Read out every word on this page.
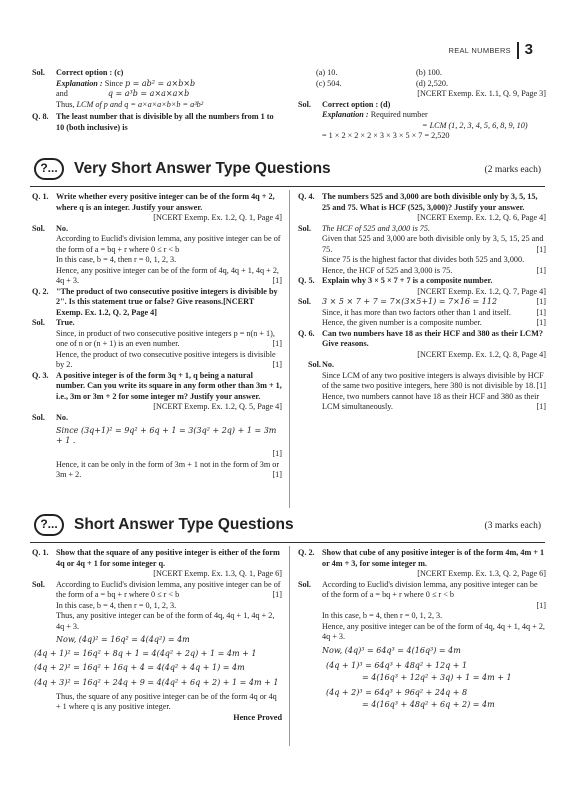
REAL NUMBERS 3
Sol. Correct option : (c)
Explanation : Since p = ab² = a×b×b
and	q = a³b = a×a×a×b
Thus, LCM of p and q = a×a×a×b×b = a³b²
Q. 8. The least number that is divisible by all the numbers from 1 to 10 (both inclusive) is
(a) 10.	(b) 100.
(c) 504.	(d) 2,520.
[NCERT Exemp. Ex. 1.1, Q. 9, Page 3]
Sol. Correct option : (d)
Explanation : Required number
= LCM (1, 2, 3, 4, 5, 6, 8, 9, 10)
= 1 × 2 × 2 × 2 × 3 × 3 × 5 × 7 = 2,520
?...	Very Short Answer Type Questions	(2 marks each)
Q. 1. Write whether every positive integer can be of the form 4q + 2, where q is an integer. Justify your answer.
[NCERT Exemp. Ex. 1.2, Q. 1, Page 4]
Sol. No.
According to Euclid's division lemma, any positive integer can be of the form of a = bq + r where 0 ≤ r < b
In this case, b = 4, then r = 0, 1, 2, 3.
Hence, any positive integer can be of the form of 4q, 4q + 1, 4q + 2, 4q + 3.	[1]
Q. 2. "The product of two consecutive positive integers is divisible by 2". Is this statement true or false? Give reasons.[NCERT Exemp. Ex. 1.2, Q. 2, Page 4]
Sol. True.
Since, in product of two consecutive positive integers p = n(n + 1), one of n or (n + 1) is an even number.	[1]
Hence, the product of two consecutive positive integers is divisible by 2.	[1]
Q. 3. A positive integer is of the form 3q + 1, q being a natural number. Can you write its square in any form other than 3m + 1, i.e., 3m or 3m + 2 for some integer m? Justify your answer.
[NCERT Exemp. Ex. 1.2, Q. 5, Page 4]
Sol. No.
Since (3q+1)² = 9q² + 6q + 1 = 3(3q² + 2q) + 1 = 3m + 1 .
[1]
Hence, it can be only in the form of 3m + 1 not in the form of 3m or 3m + 2.	[1]
Q. 4. The numbers 525 and 3,000 are both divisible only by 3, 5, 15, 25 and 75. What is HCF (525, 3,000)? Justify your answer.
[NCERT Exemp. Ex. 1.2, Q. 6, Page 4]
Sol. The HCF of 525 and 3,000 is 75.
Given that 525 and 3,000 are both divisible only by 3, 5, 15, 25 and 75.	[1]
Since 75 is the highest factor that divides both 525 and 3,000.
Hence, the HCF of 525 and 3,000 is 75.	[1]
Q. 5. Explain why 3 × 5 × 7 + 7 is a composite number.
[NCERT Exemp. Ex. 1.2, Q. 7, Page 4]
Sol. 3 × 5 × 7 + 7 = 7×(3×5+1) = 7×16 = 112	[1]
Since, it has more than two factors other than 1 and itself.	[1]
Hence, the given number is a composite number.	[1]
Q. 6. Can two numbers have 18 as their HCF and 380 as their LCM? Give reasons.
[NCERT Exemp. Ex. 1.2, Q. 8, Page 4]
Sol. No.
Since LCM of any two positive integers is always divisible by HCF of the same two positive integers, here 380 is not divisible by 18. [1]
Hence, two numbers cannot have 18 as their HCF and 380 as their LCM simultaneously.	[1]
?...	Short Answer Type Questions	(3 marks each)
Q. 1. Show that the square of any positive integer is either of the form 4q or 4q + 1 for some integer q.
[NCERT Exemp. Ex. 1.3, Q. 1, Page 6]
Sol. According to Euclid's division lemma, any positive integer can be of the form of a = bq + r where 0 ≤ r < b	[1]
In this case, b = 4, then r = 0, 1, 2, 3.
Thus, any positive integer can be of the form of 4q, 4q + 1, 4q + 2, 4q + 3.
Now, (4q)² = 16q² = 4(4q²) = 4m
(4q + 1)² = 16q² + 8q + 1 = 4(4q² + 2q) + 1 = 4m + 1
(4q + 2)² = 16q² + 16q + 4 = 4(4q² + 4q + 1) = 4m
(4q + 3)² = 16q² + 24q + 9 = 4(4q² + 6q + 2) + 1 = 4m + 1
Thus, the square of any positive integer can be of the form 4q or 4q + 1 where q is any positive integer.
Hence Proved
Q. 2. Show that cube of any positive integer is of the form 4m, 4m + 1 or 4m + 3, for some integer m.
[NCERT Exemp. Ex. 1.3, Q. 2, Page 6]
Sol. According to Euclid's division lemma, any positive integer can be of the form of a = bq + r where 0 ≤ r < b
[1]
In this case, b = 4, then r = 0, 1, 2, 3.
Hence, any positive integer can be of the form of 4q, 4q + 1, 4q + 2, 4q + 3.
Now, (4q)³ = 64q³ = 4(16q³) = 4m
(4q + 1)³ = 64q³ + 48q² + 12q + 1
= 4(16q³ + 12q² + 3q) + 1 = 4m + 1
(4q + 2)³ = 64q³ + 96q² + 24q + 8
= 4(16q³ + 48q² + 6q + 2) = 4m
